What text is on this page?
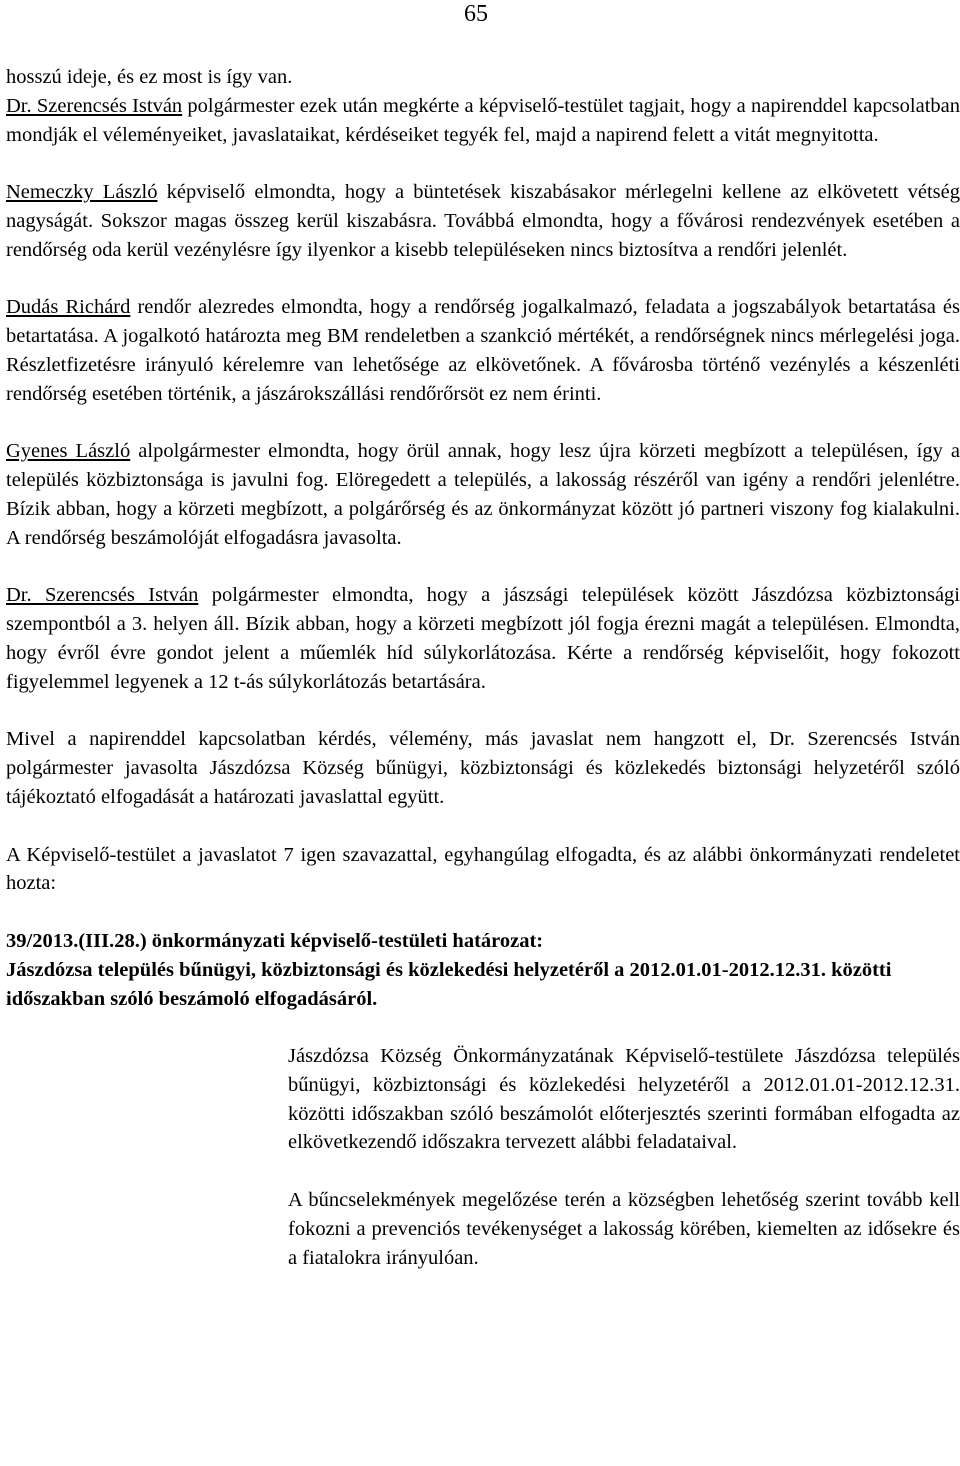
65

hosszú ideje, és ez most is így van.

Dr. Szerencsés István polgármester ezek után megkérte a képviselő-testület tagjait, hogy a napirenddel kapcsolatban mondják el véleményeiket, javaslataikat, kérdéseiket tegyék fel, majd a napirend felett a vitát megnyitotta.

Nemeczky László képviselő elmondta, hogy a büntetések kiszabásakor mérlegelni kellene az elkövetett vétség nagyságát. Sokszor magas összeg kerül kiszabásra. Továbbá elmondta, hogy a fővárosi rendezvények esetében a rendőrség oda kerül vezénylésre így ilyenkor a kisebb településeken nincs biztosítva a rendőri jelenlét.

Dudás Richárd rendőr alezredes elmondta, hogy a rendőrség jogalkalmazó, feladata a jogszabályok betartatása és betartatása. A jogalkotó határozta meg BM rendeletben a szankció mértékét, a rendőrségnek nincs mérlegelési joga. Részletfizetésre irányuló kérelemre van lehetősége az elkövetőnek. A fővárosba történő vezénylés a készenléti rendőrség esetében történik, a jászárokszállási rendőrőrsöt ez nem érinti.

Gyenes László alpolgármester elmondta, hogy örül annak, hogy lesz újra körzeti megbízott a településen, így a település közbiztonsága is javulni fog. Elöregedett a település, a lakosság részéről van igény a rendőri jelenlétre. Bízik abban, hogy a körzeti megbízott, a polgárőrség és az önkormányzat között jó partneri viszony fog kialakulni. A rendőrség beszámolóját elfogadásra javasolta.

Dr. Szerencsés István polgármester elmondta, hogy a jászsági települések között Jászdózsa közbiztonsági szempontból a 3. helyen áll. Bízik abban, hogy a körzeti megbízott jól fogja érezni magát a településen. Elmondta, hogy évről évre gondot jelent a műemlék híd súlykorlátozása. Kérte a rendőrség képviselőit, hogy fokozott figyelemmel legyenek a 12 t-ás súlykorlátozás betartására.

Mivel a napirenddel kapcsolatban kérdés, vélemény, más javaslat nem hangzott el, Dr. Szerencsés István polgármester javasolta Jászdózsa Község bűnügyi, közbiztonsági és közlekedés biztonsági helyzetéről szóló tájékoztató elfogadását a határozati javaslattal együtt.

A Képviselő-testület a javaslatot 7 igen szavazattal, egyhangúlag elfogadta, és az alábbi önkormányzati rendeletet hozta:

39/2013.(III.28.) önkormányzati képviselő-testületi határozat:

Jászdózsa település bűnügyi, közbiztonsági és közlekedési helyzetéről a 2012.01.01-2012.12.31. közötti időszakban szóló beszámoló elfogadásáról.

Jászdózsa Község Önkormányzatának Képviselő-testülete Jászdózsa település bűnügyi, közbiztonsági és közlekedési helyzetéről a 2012.01.01-2012.12.31. közötti időszakban szóló beszámolót előterjesztés szerinti formában elfogadta az elkövetkezendő időszakra tervezett alábbi feladataival.

A bűncselekmények megelőzése terén a községben lehetőség szerint tovább kell fokozni a prevenciós tevékenységet a lakosság körében, kiemelten az idősekre és a fiatalokra irányulóan.
